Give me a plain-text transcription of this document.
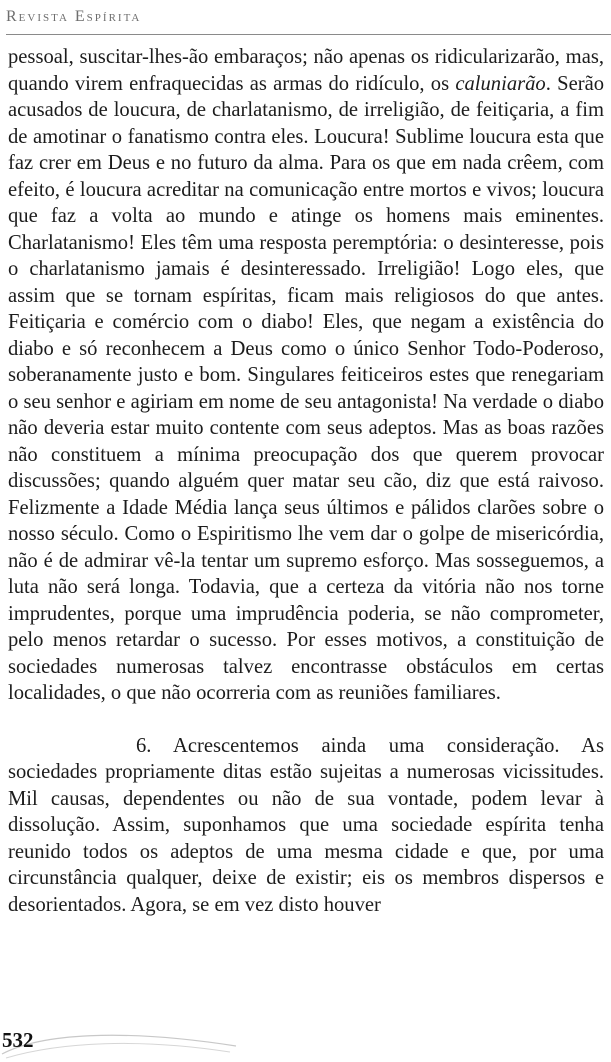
Revista Espírita

pessoal, suscitar-lhes-ão embaraços; não apenas os ridicularizarão, mas, quando virem enfraquecidas as armas do ridículo, os caluniarão. Serão acusados de loucura, de charlatanismo, de irreligião, de feitiçaria, a fim de amotinar o fanatismo contra eles. Loucura! Sublime loucura esta que faz crer em Deus e no futuro da alma. Para os que em nada crêem, com efeito, é loucura acreditar na comunicação entre mortos e vivos; loucura que faz a volta ao mundo e atinge os homens mais eminentes. Charlatanismo! Eles têm uma resposta peremptória: o desinteresse, pois o charlatanismo jamais é desinteressado. Irreligião! Logo eles, que assim que se tornam espíritas, ficam mais religiosos do que antes. Feitiçaria e comércio com o diabo! Eles, que negam a existência do diabo e só reconhecem a Deus como o único Senhor Todo-Poderoso, soberanamente justo e bom. Singulares feiticeiros estes que renegariam o seu senhor e agiriam em nome de seu antagonista! Na verdade o diabo não deveria estar muito contente com seus adeptos. Mas as boas razões não constituem a mínima preocupação dos que querem provocar discussões; quando alguém quer matar seu cão, diz que está raivoso. Felizmente a Idade Média lança seus últimos e pálidos clarões sobre o nosso século. Como o Espiritismo lhe vem dar o golpe de misericórdia, não é de admirar vê-la tentar um supremo esforço. Mas sosseguemos, a luta não será longa. Todavia, que a certeza da vitória não nos torne imprudentes, porque uma imprudência poderia, se não comprometer, pelo menos retardar o sucesso. Por esses motivos, a constituição de sociedades numerosas talvez encontrasse obstáculos em certas localidades, o que não ocorreria com as reuniões familiares.

6. Acrescentemos ainda uma consideração. As sociedades propriamente ditas estão sujeitas a numerosas vicissitudes. Mil causas, dependentes ou não de sua vontade, podem levar à dissolução. Assim, suponhamos que uma sociedade espírita tenha reunido todos os adeptos de uma mesma cidade e que, por uma circunstância qualquer, deixe de existir; eis os membros dispersos e desorientados. Agora, se em vez disto houver

532
